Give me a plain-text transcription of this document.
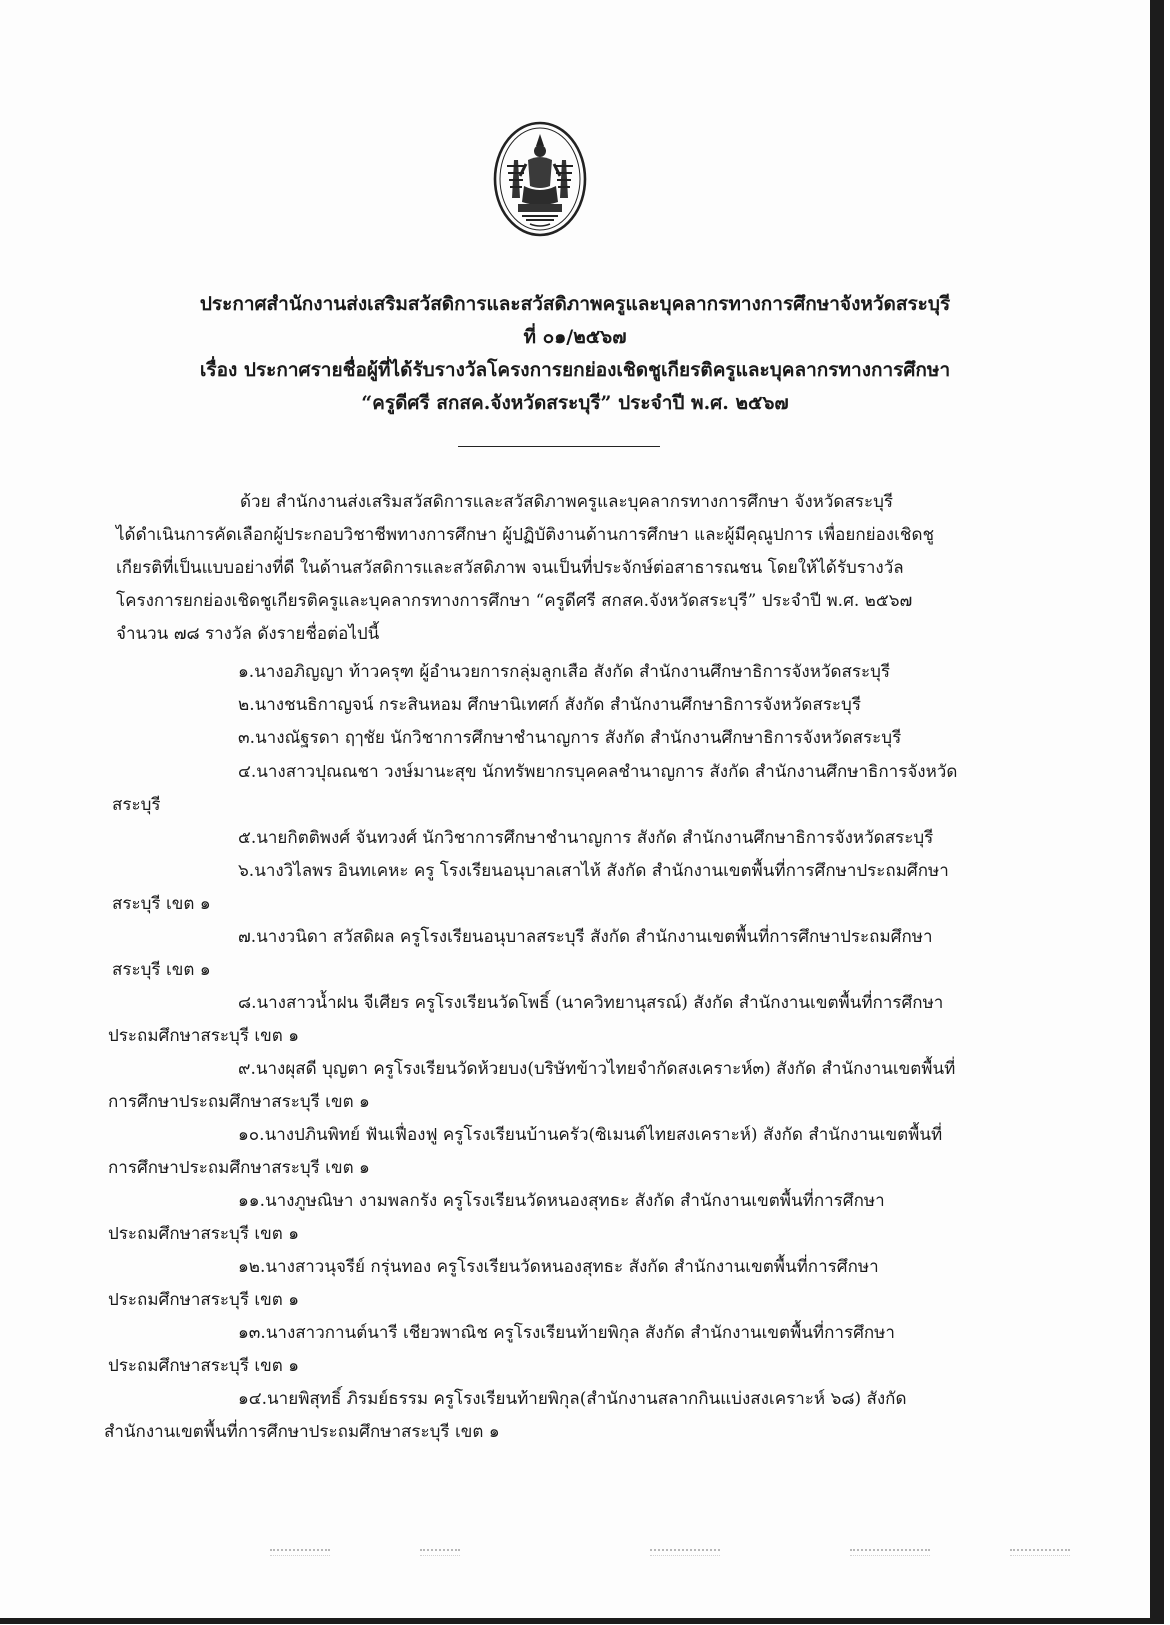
ประกาศสำนักงานส่งเสริมสวัสดิการและสวัสดิภาพครูและบุคลากรทางการศึกษาจังหวัดสระบุรี
ที่ ๐๑/๒๕๖๗
เรื่อง ประกาศรายชื่อผู้ที่ได้รับรางวัลโครงการยกย่องเชิดชูเกียรติครูและบุคลากรทางการศึกษา
“ครูดีศรี สกสค.จังหวัดสระบุรี” ประจำปี พ.ศ. ๒๕๖๗
ด้วย สำนักงานส่งเสริมสวัสดิการและสวัสดิภาพครูและบุคลากรทางการศึกษา จังหวัดสระบุรี
ได้ดำเนินการคัดเลือกผู้ประกอบวิชาชีพทางการศึกษา ผู้ปฏิบัติงานด้านการศึกษา และผู้มีคุณูปการ เพื่อยกย่องเชิดชู
เกียรติที่เป็นแบบอย่างที่ดี ในด้านสวัสดิการและสวัสดิภาพ จนเป็นที่ประจักษ์ต่อสาธารณชน โดยให้ได้รับรางวัล
โครงการยกย่องเชิดชูเกียรติครูและบุคลากรทางการศึกษา “ครูดีศรี สกสค.จังหวัดสระบุรี” ประจำปี พ.ศ. ๒๕๖๗
จำนวน ๗๘ รางวัล ดังรายชื่อต่อไปนี้
๑.นางอภิญญา ท้าวครุฑ ผู้อำนวยการกลุ่มลูกเสือ สังกัด สำนักงานศึกษาธิการจังหวัดสระบุรี
๒.นางชนธิกาญจน์ กระสินหอม ศึกษานิเทศก์ สังกัด สำนักงานศึกษาธิการจังหวัดสระบุรี
๓.นางณัฐรดา ฤๅชัย นักวิชาการศึกษาชำนาญการ สังกัด สำนักงานศึกษาธิการจังหวัดสระบุรี
๔.นางสาวปุณณชา วงษ์มานะสุข นักทรัพยากรบุคคลชำนาญการ สังกัด สำนักงานศึกษาธิการจังหวัด
สระบุรี
๕.นายกิตติพงศ์ จันทวงศ์ นักวิชาการศึกษาชำนาญการ สังกัด สำนักงานศึกษาธิการจังหวัดสระบุรี
๖.นางวิไลพร อินทเคหะ ครู โรงเรียนอนุบาลเสาไห้ สังกัด สำนักงานเขตพื้นที่การศึกษาประถมศึกษา
สระบุรี เขต ๑
๗.นางวนิดา สวัสดิผล ครูโรงเรียนอนุบาลสระบุรี สังกัด สำนักงานเขตพื้นที่การศึกษาประถมศึกษา
สระบุรี เขต ๑
๘.นางสาวน้ำฝน จีเศียร ครูโรงเรียนวัดโพธิ์ (นาควิทยานุสรณ์) สังกัด สำนักงานเขตพื้นที่การศึกษา
ประถมศึกษาสระบุรี เขต ๑
๙.นางผุสดี บุญตา ครูโรงเรียนวัดห้วยบง(บริษัทข้าวไทยจำกัดสงเคราะห์๓) สังกัด สำนักงานเขตพื้นที่
การศึกษาประถมศึกษาสระบุรี เขต ๑
๑๐.นางปภินพิทย์ ฟันเฟื่องฟู ครูโรงเรียนบ้านครัว(ซิเมนต์ไทยสงเคราะห์) สังกัด สำนักงานเขตพื้นที่
การศึกษาประถมศึกษาสระบุรี เขต ๑
๑๑.นางภูษณิษา งามพลกรัง ครูโรงเรียนวัดหนองสุทธะ สังกัด สำนักงานเขตพื้นที่การศึกษา
ประถมศึกษาสระบุรี เขต ๑
๑๒.นางสาวนุจรีย์ กรุ่นทอง ครูโรงเรียนวัดหนองสุทธะ สังกัด สำนักงานเขตพื้นที่การศึกษา
ประถมศึกษาสระบุรี เขต ๑
๑๓.นางสาวกานต์นารี เชียวพาณิช ครูโรงเรียนท้ายพิกุล สังกัด สำนักงานเขตพื้นที่การศึกษา
ประถมศึกษาสระบุรี เขต ๑
๑๔.นายพิสุทธิ์ ภิรมย์ธรรม ครูโรงเรียนท้ายพิกุล(สำนักงานสลากกินแบ่งสงเคราะห์ ๖๘) สังกัด
สำนักงานเขตพื้นที่การศึกษาประถมศึกษาสระบุรี เขต ๑
